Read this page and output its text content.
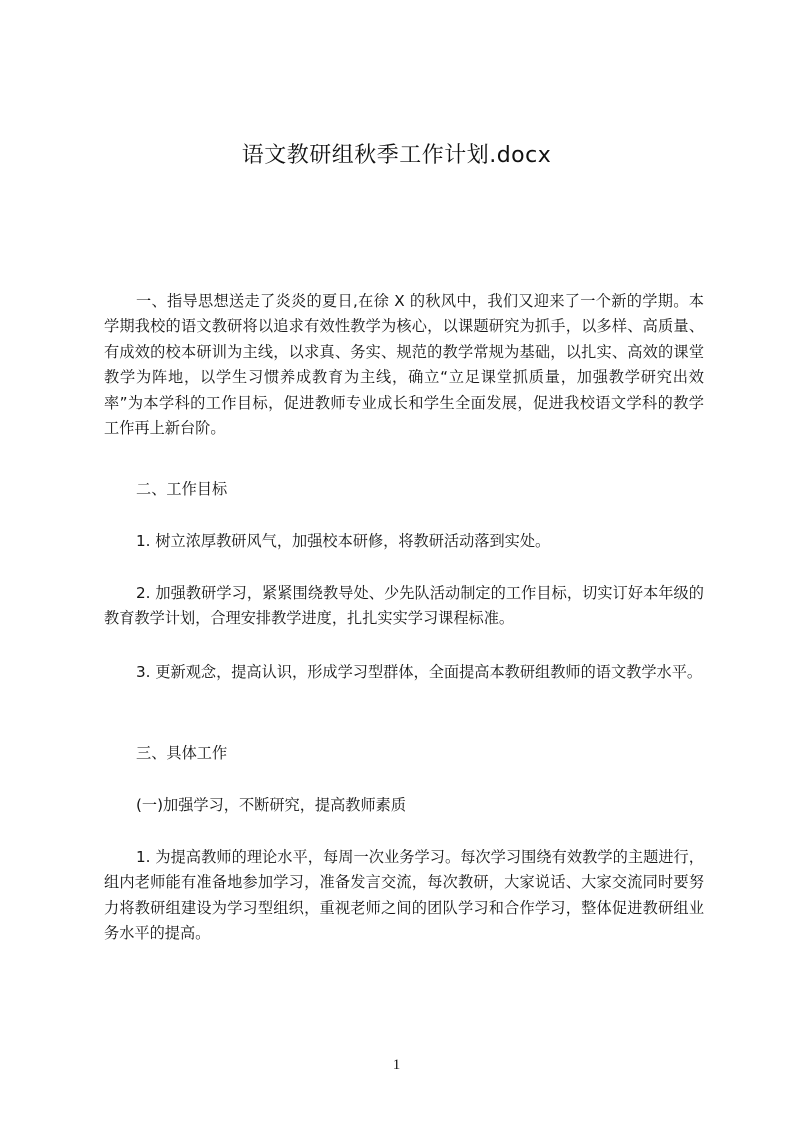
语文教研组秋季工作计划.docx
一、指导思想送走了炎炎的夏日,在徐 X 的秋风中，我们又迎来了一个新的学期。本学期我校的语文教研将以追求有效性教学为核心，以课题研究为抓手，以多样、高质量、有成效的校本研训为主线，以求真、务实、规范的教学常规为基础，以扎实、高效的课堂教学为阵地，以学生习惯养成教育为主线，确立“立足课堂抓质量，加强教学研究出效率”为本学科的工作目标，促进教师专业成长和学生全面发展，促进我校语文学科的教学工作再上新台阶。
二、工作目标
1. 树立浓厚教研风气，加强校本研修，将教研活动落到实处。
2. 加强教研学习，紧紧围绕教导处、少先队活动制定的工作目标，切实订好本年级的教育教学计划，合理安排教学进度，扎扎实实学习课程标准。
3. 更新观念，提高认识，形成学习型群体，全面提高本教研组教师的语文教学水平。
三、具体工作
(一)加强学习，不断研究，提高教师素质
1. 为提高教师的理论水平，每周一次业务学习。每次学习围绕有效教学的主题进行，组内老师能有准备地参加学习，准备发言交流，每次教研，大家说话、大家交流同时要努力将教研组建设为学习型组织，重视老师之间的团队学习和合作学习，整体促进教研组业务水平的提高。
1
